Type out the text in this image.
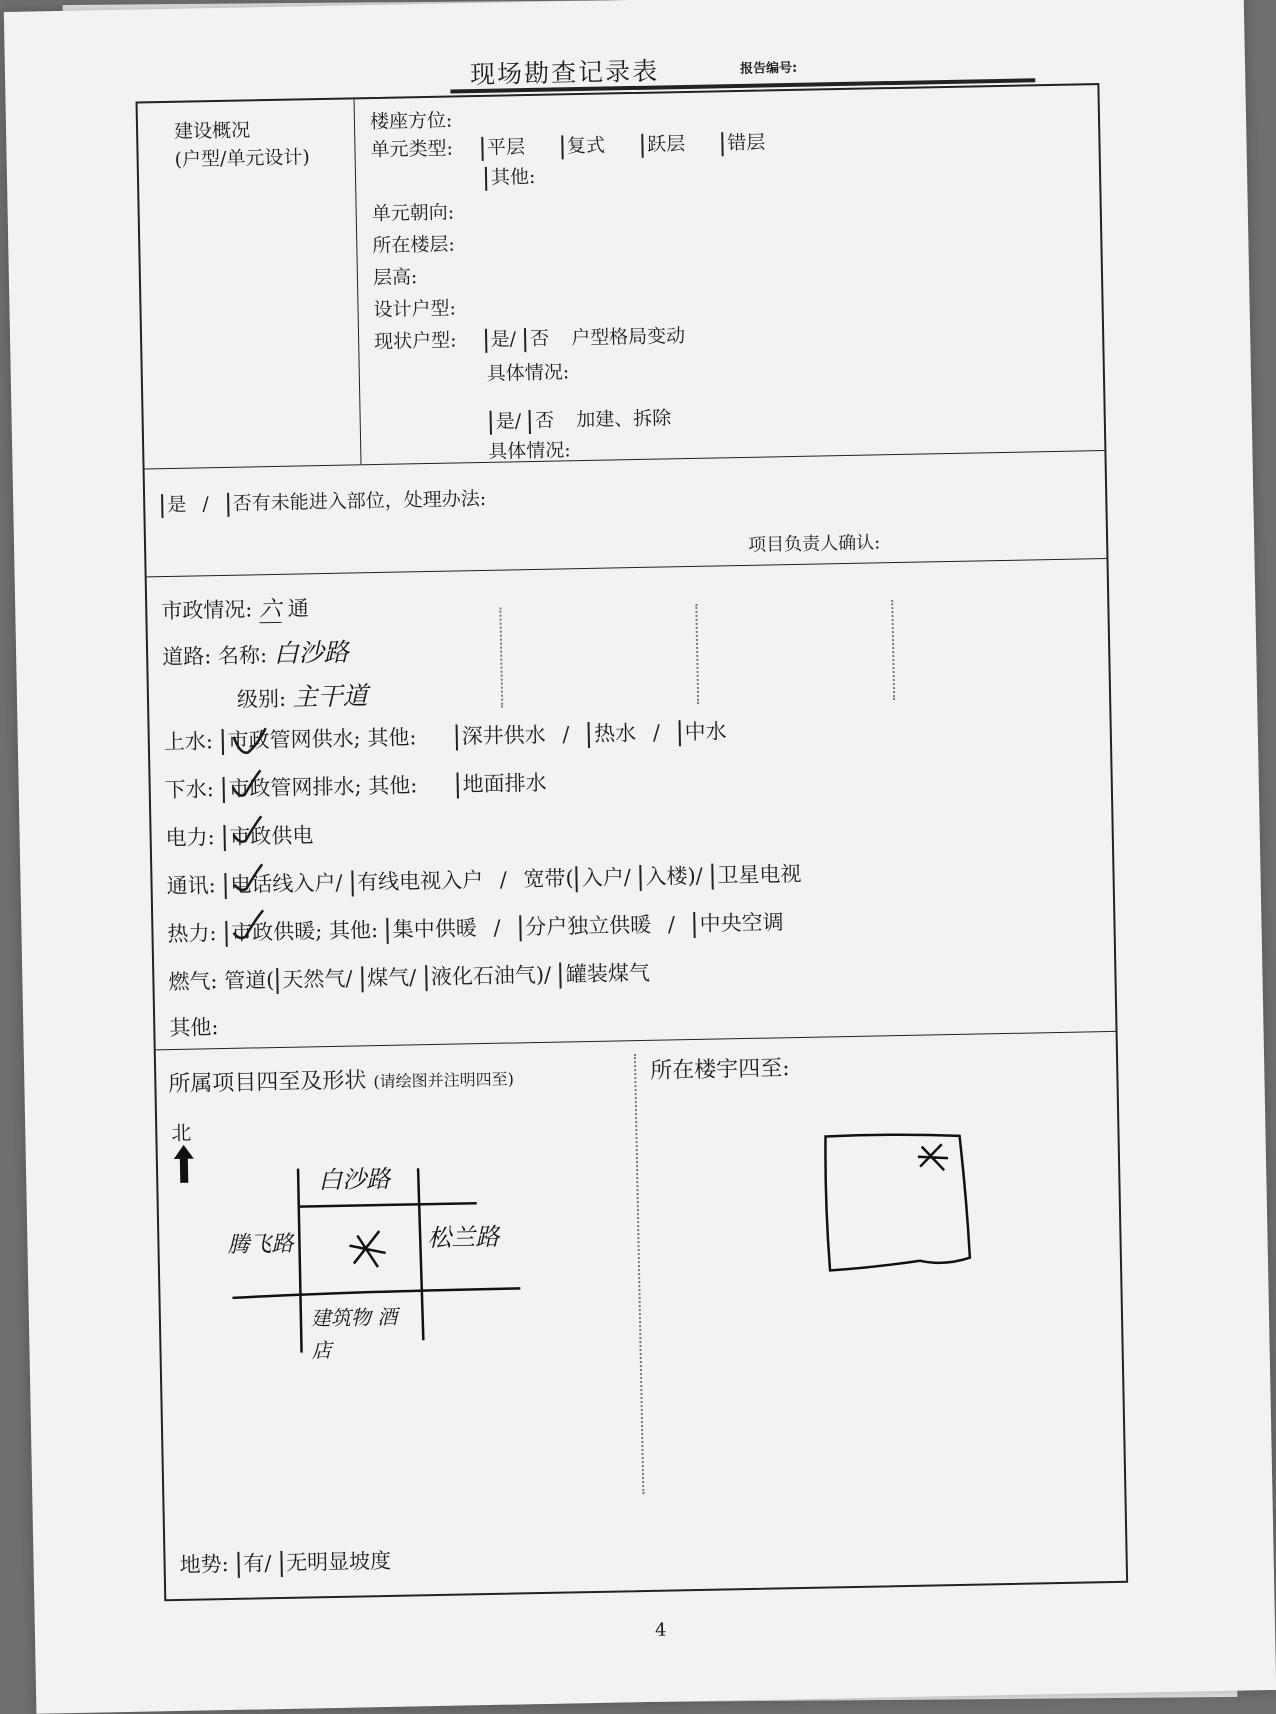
现场勘查记录表	报告编号:
建设概况
(户型/单元设计)
楼座方位:
单元类型: 平层 复式 跃层 错层
其他:
单元朝向:
所在楼层:
层高:
设计户型:
现状户型: 是/ 否 户型格局变动
具体情况:
是/ 否 加建、拆除
具体情况:
是 / 否有未能进入部位，处理办法:
项目负责人确认:
市政情况: 六 通
道路: 名称: 白沙路
级别: 主干道
上水: 市政管网供水; 其他: 深井供水 / 热水 / 中水
下水: 市政管网排水; 其他: 地面排水
电力: 市政供电
通讯: 电话线入户/ 有线电视入户 / 宽带( 入户/ 入楼)/ 卫星电视
热力: 市政供暖; 其他: 集中供暖 / 分户独立供暖 / 中央空调
燃气: 管道( 天然气/ 煤气/ 液化石油气)/ 罐装煤气
其他:
所属项目四至及形状 (请绘图并注明四至)	所在楼宇四至:
北
白沙路
腾飞路	松兰路
建筑物 酒店
地势: 有/ 无明显坡度
4
